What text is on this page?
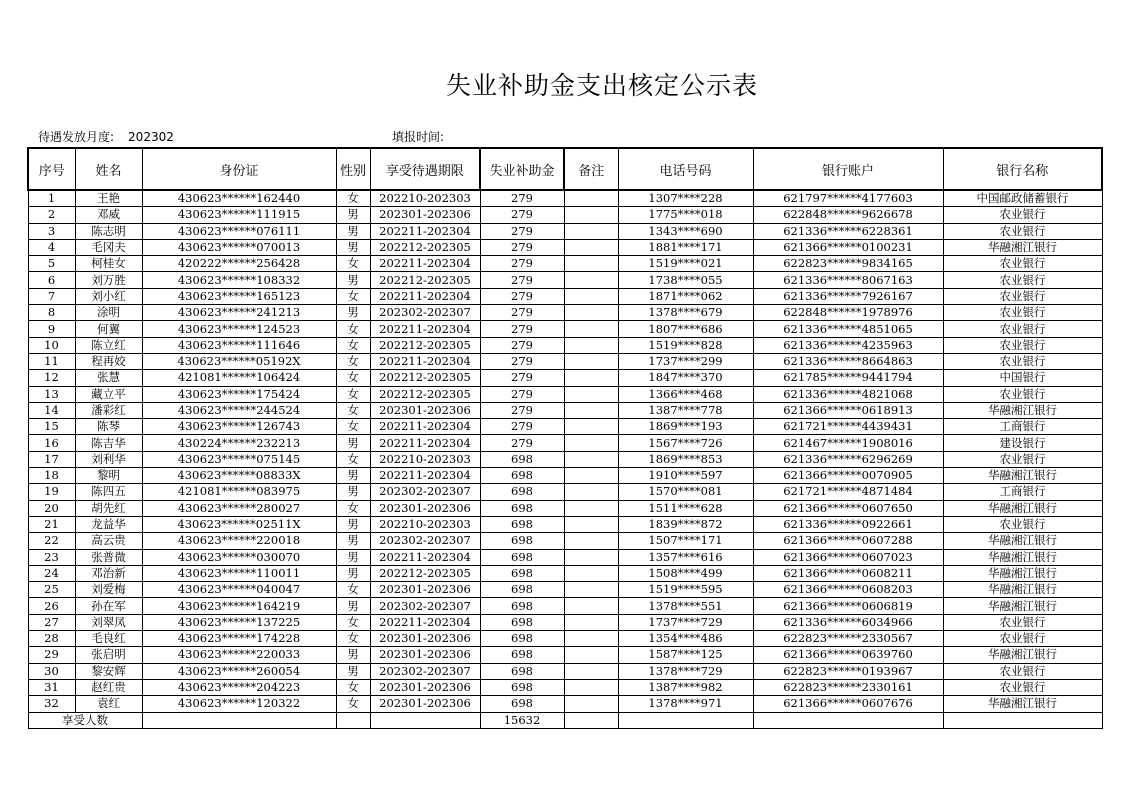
失业补助金支出核定公示表
待遇发放月度: 202302	填报时间:
序号	姓名	身份证	性别	享受待遇期限	失业补助金	备注	电话号码	银行账户	银行名称
1	王艳	430623******162440	女	202210-202303	279		1307****228	621797******4177603	中国邮政储蓄银行
2	邓威	430623******111915	男	202301-202306	279		1775****018	622848******9626678	农业银行
3	陈志明	430623******076111	男	202211-202304	279		1343****690	621336******6228361	农业银行
4	毛冈夫	430623******070013	男	202212-202305	279		1881****171	621366******0100231	华融湘江银行
5	柯桂女	420222******256428	女	202211-202304	279		1519****021	622823******9834165	农业银行
6	刘万胜	430623******108332	男	202212-202305	279		1738****055	621336******8067163	农业银行
7	刘小红	430623******165123	女	202211-202304	279		1871****062	621336******7926167	农业银行
8	涂明	430623******241213	男	202302-202307	279		1378****679	622848******1978976	农业银行
9	何翼	430623******124523	女	202211-202304	279		1807****686	621336******4851065	农业银行
10	陈立红	430623******111646	女	202212-202305	279		1519****828	621336******4235963	农业银行
11	程再姣	430623******05192X	女	202211-202304	279		1737****299	621336******8664863	农业银行
12	张慧	421081******106424	女	202212-202305	279		1847****370	621785******9441794	中国银行
13	藏立平	430623******175424	女	202212-202305	279		1366****468	621336******4821068	农业银行
14	潘彩红	430623******244524	女	202301-202306	279		1387****778	621366******0618913	华融湘江银行
15	陈琴	430623******126743	女	202211-202304	279		1869****193	621721******4439431	工商银行
16	陈吉华	430224******232213	男	202211-202304	279		1567****726	621467******1908016	建设银行
17	刘利华	430623******075145	女	202210-202303	698		1869****853	621336******6296269	农业银行
18	黎明	430623******08833X	男	202211-202304	698		1910****597	621366******0070905	华融湘江银行
19	陈四五	421081******083975	男	202302-202307	698		1570****081	621721******4871484	工商银行
20	胡先红	430623******280027	女	202301-202306	698		1511****628	621366******0607650	华融湘江银行
21	龙益华	430623******02511X	男	202210-202303	698		1839****872	621336******0922661	农业银行
22	高云贵	430623******220018	男	202302-202307	698		1507****171	621366******0607288	华融湘江银行
23	张普微	430623******030070	男	202211-202304	698		1357****616	621366******0607023	华融湘江银行
24	邓治新	430623******110011	男	202212-202305	698		1508****499	621366******0608211	华融湘江银行
25	刘爱梅	430623******040047	女	202301-202306	698		1519****595	621366******0608203	华融湘江银行
26	孙在军	430623******164219	男	202302-202307	698		1378****551	621366******0606819	华融湘江银行
27	刘翠凤	430623******137225	女	202211-202304	698		1737****729	621336******6034966	农业银行
28	毛良红	430623******174228	女	202301-202306	698		1354****486	622823******2330567	农业银行
29	张启明	430623******220033	男	202301-202306	698		1587****125	621366******0639760	华融湘江银行
30	黎安辉	430623******260054	男	202302-202307	698		1378****729	622823******0193967	农业银行
31	赵红贵	430623******204223	女	202301-202306	698		1387****982	622823******2330161	农业银行
32	袁红	430623******120322	女	202301-202306	698		1378****971	621366******0607676	华融湘江银行
享受人数					15632				
